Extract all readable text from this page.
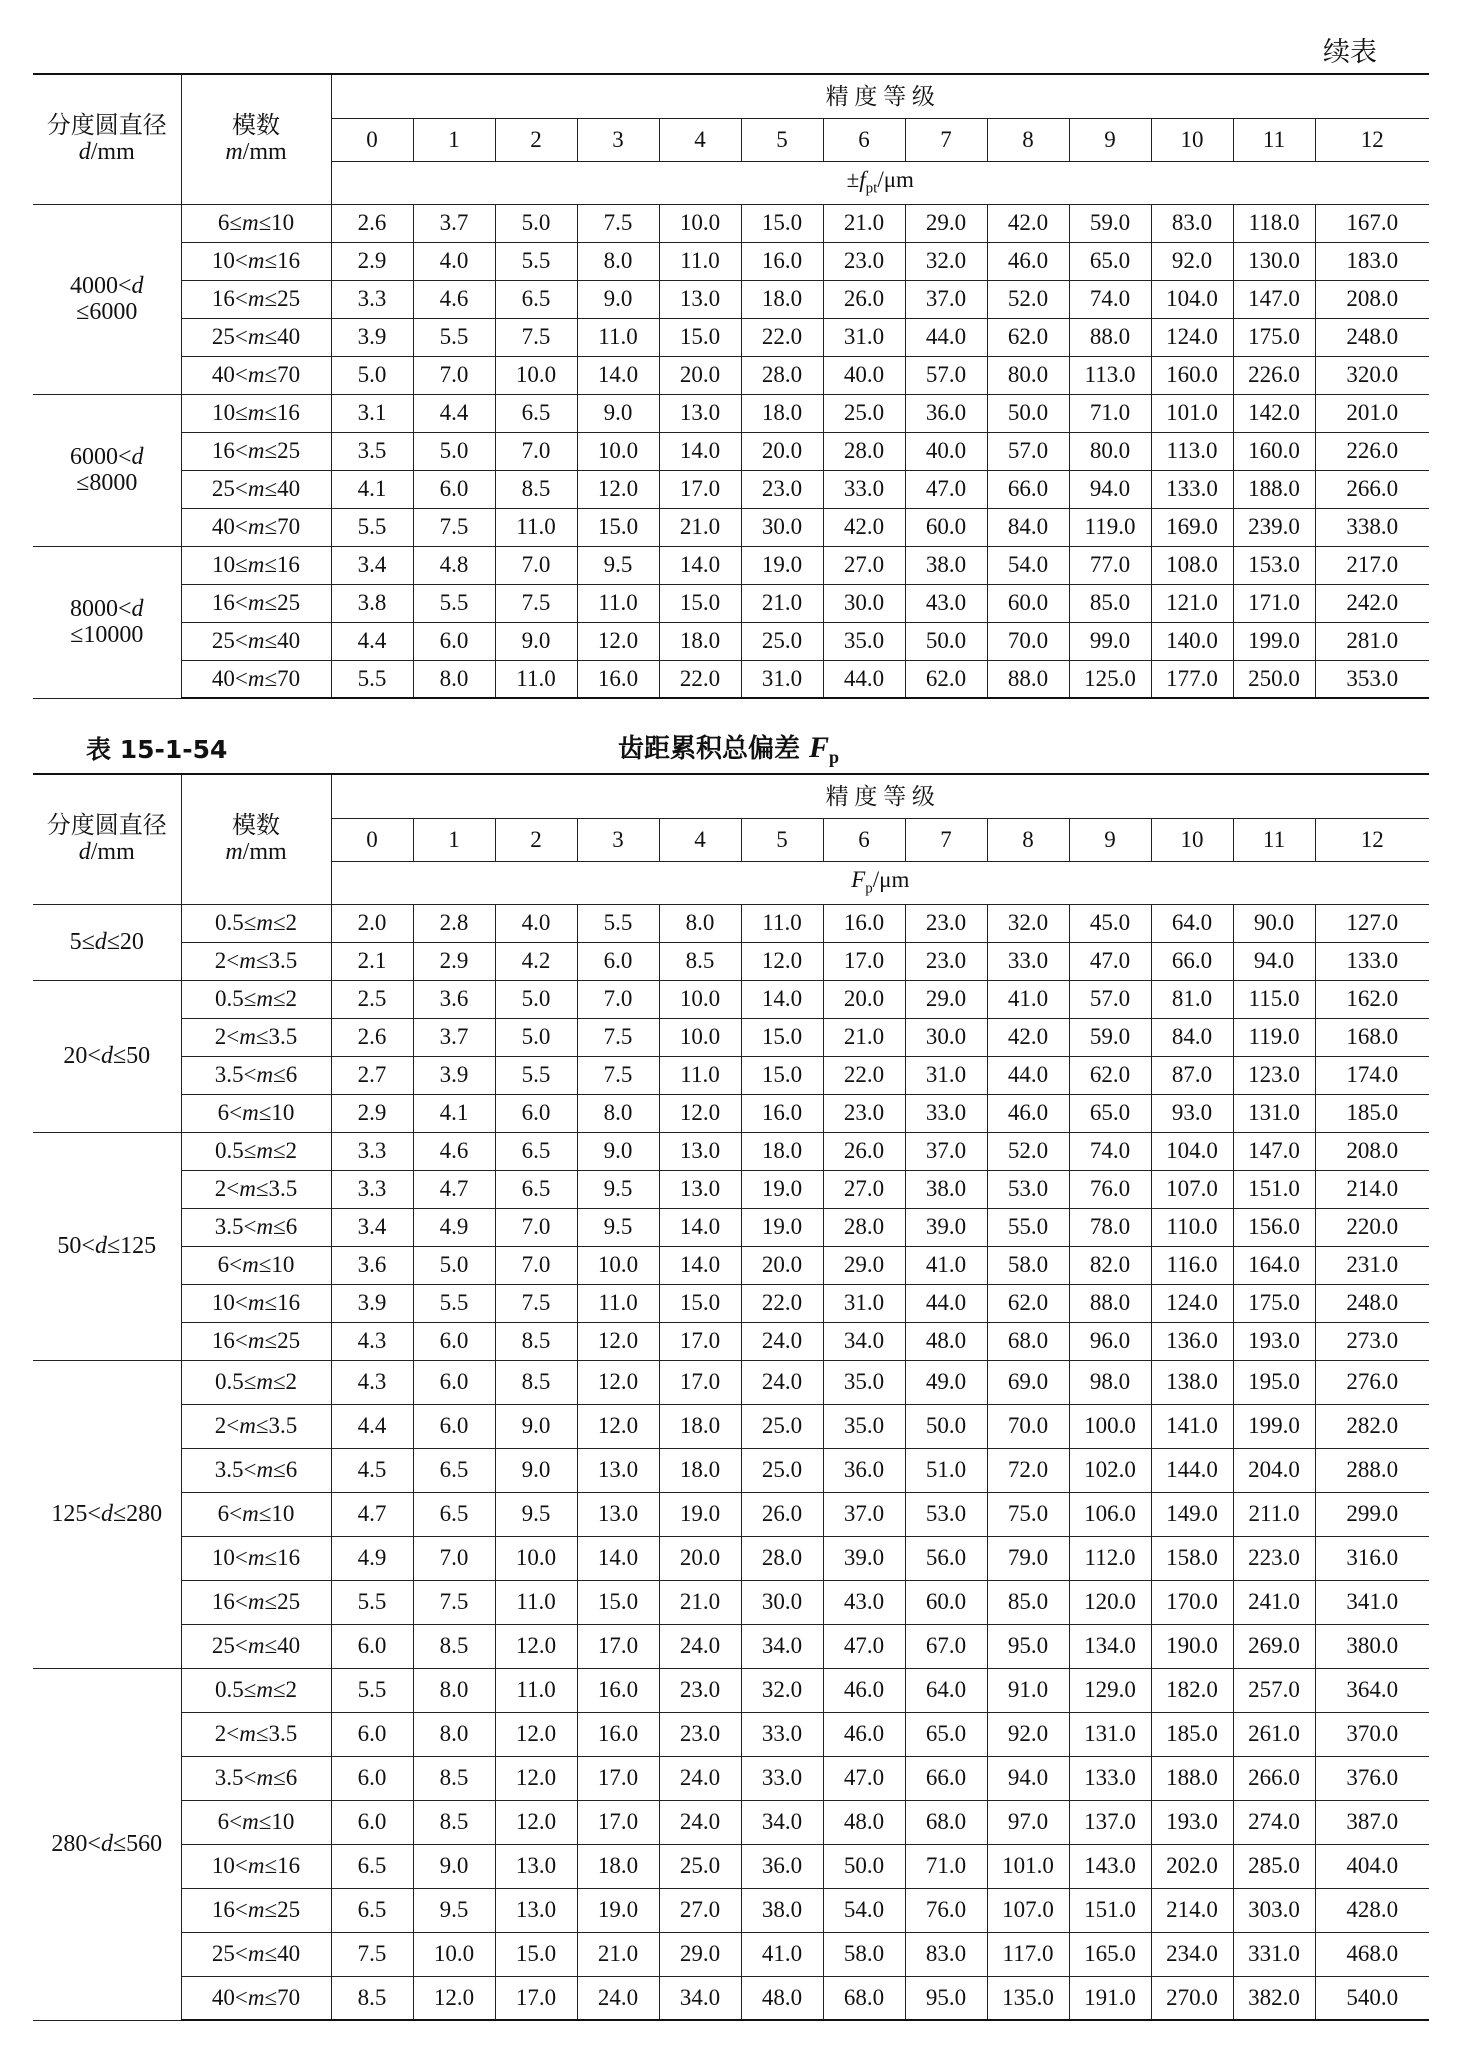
续表
分度圆直径
d/mm	模数
m/mm	精 度 等 级												
		0	1	2	3	4	5	6	7	8	9	10	11	12
		$\pm f_{pt}/\mu m$												
4000<d
≤6000	6≤m≤10	2.6	3.7	5.0	7.5	10.0	15.0	21.0	29.0	42.0	59.0	83.0	118.0	167.0
	10<m≤16	2.9	4.0	5.5	8.0	11.0	16.0	23.0	32.0	46.0	65.0	92.0	130.0	183.0
	16<m≤25	3.3	4.6	6.5	9.0	13.0	18.0	26.0	37.0	52.0	74.0	104.0	147.0	208.0
	25<m≤40	3.9	5.5	7.5	11.0	15.0	22.0	31.0	44.0	62.0	88.0	124.0	175.0	248.0
	40<m≤70	5.0	7.0	10.0	14.0	20.0	28.0	40.0	57.0	80.0	113.0	160.0	226.0	320.0
6000<d
≤8000	10≤m≤16	3.1	4.4	6.5	9.0	13.0	18.0	25.0	36.0	50.0	71.0	101.0	142.0	201.0
	16<m≤25	3.5	5.0	7.0	10.0	14.0	20.0	28.0	40.0	57.0	80.0	113.0	160.0	226.0
	25<m≤40	4.1	6.0	8.5	12.0	17.0	23.0	33.0	47.0	66.0	94.0	133.0	188.0	266.0
	40<m≤70	5.5	7.5	11.0	15.0	21.0	30.0	42.0	60.0	84.0	119.0	169.0	239.0	338.0
8000<d
≤10000	10≤m≤16	3.4	4.8	7.0	9.5	14.0	19.0	27.0	38.0	54.0	77.0	108.0	153.0	217.0
	16<m≤25	3.8	5.5	7.5	11.0	15.0	21.0	30.0	43.0	60.0	85.0	121.0	171.0	242.0
	25<m≤40	4.4	6.0	9.0	12.0	18.0	25.0	35.0	50.0	70.0	99.0	140.0	199.0	281.0
	40<m≤70	5.5	8.0	11.0	16.0	22.0	31.0	44.0	62.0	88.0	125.0	177.0	250.0	353.0
表 15-1-54	齿距累积总偏差 $F_p$
分度圆直径
d/mm	模数
m/mm	精 度 等 级												
		0	1	2	3	4	5	6	7	8	9	10	11	12
		$F_p/\mu m$												
5≤d≤20	0.5≤m≤2	2.0	2.8	4.0	5.5	8.0	11.0	16.0	23.0	32.0	45.0	64.0	90.0	127.0
	2<m≤3.5	2.1	2.9	4.2	6.0	8.5	12.0	17.0	23.0	33.0	47.0	66.0	94.0	133.0
20<d≤50	0.5≤m≤2	2.5	3.6	5.0	7.0	10.0	14.0	20.0	29.0	41.0	57.0	81.0	115.0	162.0
	2<m≤3.5	2.6	3.7	5.0	7.5	10.0	15.0	21.0	30.0	42.0	59.0	84.0	119.0	168.0
	3.5<m≤6	2.7	3.9	5.5	7.5	11.0	15.0	22.0	31.0	44.0	62.0	87.0	123.0	174.0
	6<m≤10	2.9	4.1	6.0	8.0	12.0	16.0	23.0	33.0	46.0	65.0	93.0	131.0	185.0
50<d≤125	0.5≤m≤2	3.3	4.6	6.5	9.0	13.0	18.0	26.0	37.0	52.0	74.0	104.0	147.0	208.0
	2<m≤3.5	3.3	4.7	6.5	9.5	13.0	19.0	27.0	38.0	53.0	76.0	107.0	151.0	214.0
	3.5<m≤6	3.4	4.9	7.0	9.5	14.0	19.0	28.0	39.0	55.0	78.0	110.0	156.0	220.0
	6<m≤10	3.6	5.0	7.0	10.0	14.0	20.0	29.0	41.0	58.0	82.0	116.0	164.0	231.0
	10<m≤16	3.9	5.5	7.5	11.0	15.0	22.0	31.0	44.0	62.0	88.0	124.0	175.0	248.0
	16<m≤25	4.3	6.0	8.5	12.0	17.0	24.0	34.0	48.0	68.0	96.0	136.0	193.0	273.0
125<d≤280	0.5≤m≤2	4.3	6.0	8.5	12.0	17.0	24.0	35.0	49.0	69.0	98.0	138.0	195.0	276.0
	2<m≤3.5	4.4	6.0	9.0	12.0	18.0	25.0	35.0	50.0	70.0	100.0	141.0	199.0	282.0
	3.5<m≤6	4.5	6.5	9.0	13.0	18.0	25.0	36.0	51.0	72.0	102.0	144.0	204.0	288.0
	6<m≤10	4.7	6.5	9.5	13.0	19.0	26.0	37.0	53.0	75.0	106.0	149.0	211.0	299.0
	10<m≤16	4.9	7.0	10.0	14.0	20.0	28.0	39.0	56.0	79.0	112.0	158.0	223.0	316.0
	16<m≤25	5.5	7.5	11.0	15.0	21.0	30.0	43.0	60.0	85.0	120.0	170.0	241.0	341.0
	25<m≤40	6.0	8.5	12.0	17.0	24.0	34.0	47.0	67.0	95.0	134.0	190.0	269.0	380.0
280<d≤560	0.5≤m≤2	5.5	8.0	11.0	16.0	23.0	32.0	46.0	64.0	91.0	129.0	182.0	257.0	364.0
	2<m≤3.5	6.0	8.0	12.0	16.0	23.0	33.0	46.0	65.0	92.0	131.0	185.0	261.0	370.0
	3.5<m≤6	6.0	8.5	12.0	17.0	24.0	33.0	47.0	66.0	94.0	133.0	188.0	266.0	376.0
	6<m≤10	6.0	8.5	12.0	17.0	24.0	34.0	48.0	68.0	97.0	137.0	193.0	274.0	387.0
	10<m≤16	6.5	9.0	13.0	18.0	25.0	36.0	50.0	71.0	101.0	143.0	202.0	285.0	404.0
	16<m≤25	6.5	9.5	13.0	19.0	27.0	38.0	54.0	76.0	107.0	151.0	214.0	303.0	428.0
	25<m≤40	7.5	10.0	15.0	21.0	29.0	41.0	58.0	83.0	117.0	165.0	234.0	331.0	468.0
	40<m≤70	8.5	12.0	17.0	24.0	34.0	48.0	68.0	95.0	135.0	191.0	270.0	382.0	540.0
